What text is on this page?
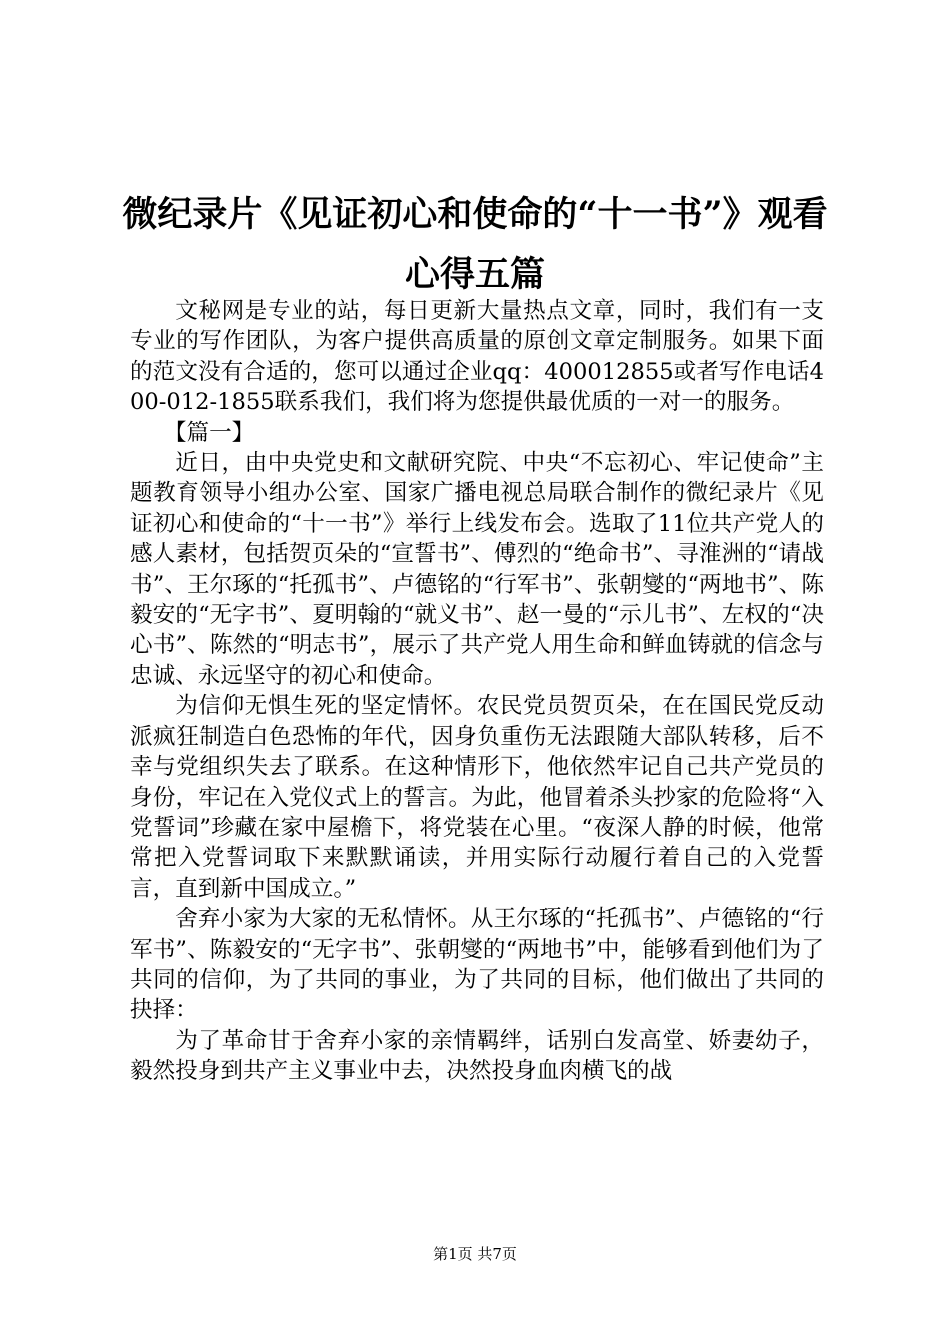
微纪录片《见证初心和使命的“十一书”》观看心得五篇

文秘网是专业的站，每日更新大量热点文章，同时，我们有一支专业的写作团队，为客户提供高质量的原创文章定制服务。如果下面的范文没有合适的，您可以通过企业qq：400012855或者写作电话400-012-1855联系我们，我们将为您提供最优质的一对一的服务。

【篇一】

近日，由中央党史和文献研究院、中央“不忘初心、牢记使命”主题教育领导小组办公室、国家广播电视总局联合制作的微纪录片《见证初心和使命的“十一书”》举行上线发布会。选取了11位共产党人的感人素材，包括贺页朵的“宣誓书”、傅烈的“绝命书”、寻淮洲的“请战书”、王尔琢的“托孤书”、卢德铭的“行军书”、张朝燮的“两地书”、陈毅安的“无字书”、夏明翰的“就义书”、赵一曼的“示儿书”、左权的“决心书”、陈然的“明志书”，展示了共产党人用生命和鲜血铸就的信念与忠诚、永远坚守的初心和使命。

为信仰无惧生死的坚定情怀。农民党员贺页朵，在在国民党反动派疯狂制造白色恐怖的年代，因身负重伤无法跟随大部队转移，后不幸与党组织失去了联系。在这种情形下，他依然牢记自己共产党员的身份，牢记在入党仪式上的誓言。为此，他冒着杀头抄家的危险将“入党誓词”珍藏在家中屋檐下，将党装在心里。“夜深人静的时候，他常常把入党誓词取下来默默诵读，并用实际行动履行着自己的入党誓言，直到新中国成立。”

舍弃小家为大家的无私情怀。从王尔琢的“托孤书”、卢德铭的“行军书”、陈毅安的“无字书”、张朝燮的“两地书”中，能够看到他们为了共同的信仰，为了共同的事业，为了共同的目标，他们做出了共同的抉择：

为了革命甘于舍弃小家的亲情羁绊，话别白发高堂、娇妻幼子，毅然投身到共产主义事业中去，决然投身血肉横飞的战

第1页 共7页
